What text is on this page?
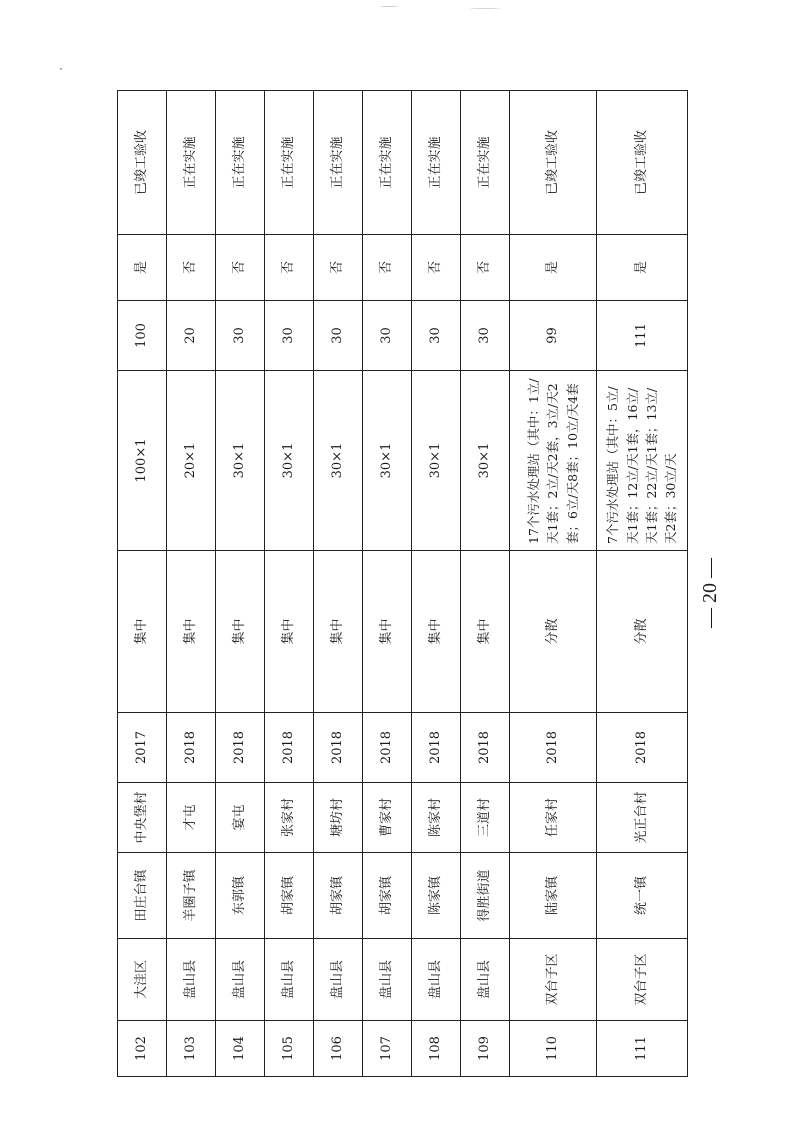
102	大洼区	田庄台镇	中央堡村	2017	集中	100×1	100	是	已竣工验收
103	盘山县	羊圈子镇	才屯	2018	集中	20×1	20	否	正在实施
104	盘山县	东郭镇	宴屯	2018	集中	30×1	30	否	正在实施
105	盘山县	胡家镇	张家村	2018	集中	30×1	30	否	正在实施
106	盘山县	胡家镇	塘坊村	2018	集中	30×1	30	否	正在实施
107	盘山县	胡家镇	曹家村	2018	集中	30×1	30	否	正在实施
108	盘山县	陈家镇	陈家村	2018	集中	30×1	30	否	正在实施
109	盘山县	得胜街道	三道村	2018	集中	30×1	30	否	正在实施
110	双台子区	陆家镇	任家村	2018	分散	17个污水处理站（其中：1立/天1套；2立/天2套，3立/天2套；6立/天8套；10立/天4套	99	是	已竣工验收
111	双台子区	统一镇	光正台村	2018	分散	7个污水处理站（其中：5立/天1套；12立/天1套，16立/天1套；22立/天1套；13立/天2套；30立/天	111	是	已竣工验收
— 20 —
